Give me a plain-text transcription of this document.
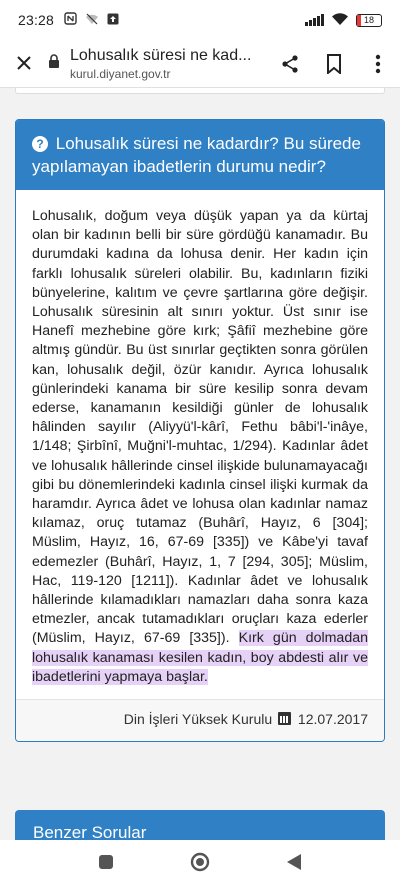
23:28	18
Lohusalık süresi ne kad...
kurul.diyanet.gov.tr
? Lohusalık süresi ne kadardır? Bu sürede yapılamayan ibadetlerin durumu nedir?
Lohusalık, doğum veya düşük yapan ya da kürtaj olan bir kadının belli bir süre gördüğü kanamadır. Bu durumdaki kadına da lohusa denir. Her kadın için farklı lohusalık süreleri olabilir. Bu, kadınların fiziki bünyelerine, kalıtım ve çevre şartlarına göre değişir. Lohusalık süresinin alt sınırı yoktur. Üst sınır ise Hanefî mezhebine göre kırk; Şâfiî mezhebine göre altmış gündür. Bu üst sınırlar geçtikten sonra görülen kan, lohusalık değil, özür kanıdır. Ayrıca lohusalık günlerindeki kanama bir süre kesilip sonra devam ederse, kanamanın kesildiği günler de lohusalık hâlinden sayılır (Aliyyü'l-kârî, Fethu bâbi'l-'inâye, 1/148; Şirbînî, Muğni'l-muhtac, 1/294). Kadınlar âdet ve lohusalık hâllerinde cinsel ilişkide bulunamayacağı gibi bu dönemlerindeki kadınla cinsel ilişki kurmak da haramdır. Ayrıca âdet ve lohusa olan kadınlar namaz kılamaz, oruç tutamaz (Buhârî, Hayız, 6 [304]; Müslim, Hayız, 16, 67-69 [335]) ve Kâbe'yi tavaf edemezler (Buhârî, Hayız, 1, 7 [294, 305]; Müslim, Hac, 119-120 [1211]). Kadınlar âdet ve lohusalık hâllerinde kılamadıkları namazları daha sonra kaza etmezler, ancak tutamadıkları oruçları kaza ederler (Müslim, Hayız, 67-69 [335]). Kırk gün dolmadan lohusalık kanaması kesilen kadın, boy abdesti alır ve ibadetlerini yapmaya başlar.
Din İşleri Yüksek Kurulu 12.07.2017
Benzer Sorular
